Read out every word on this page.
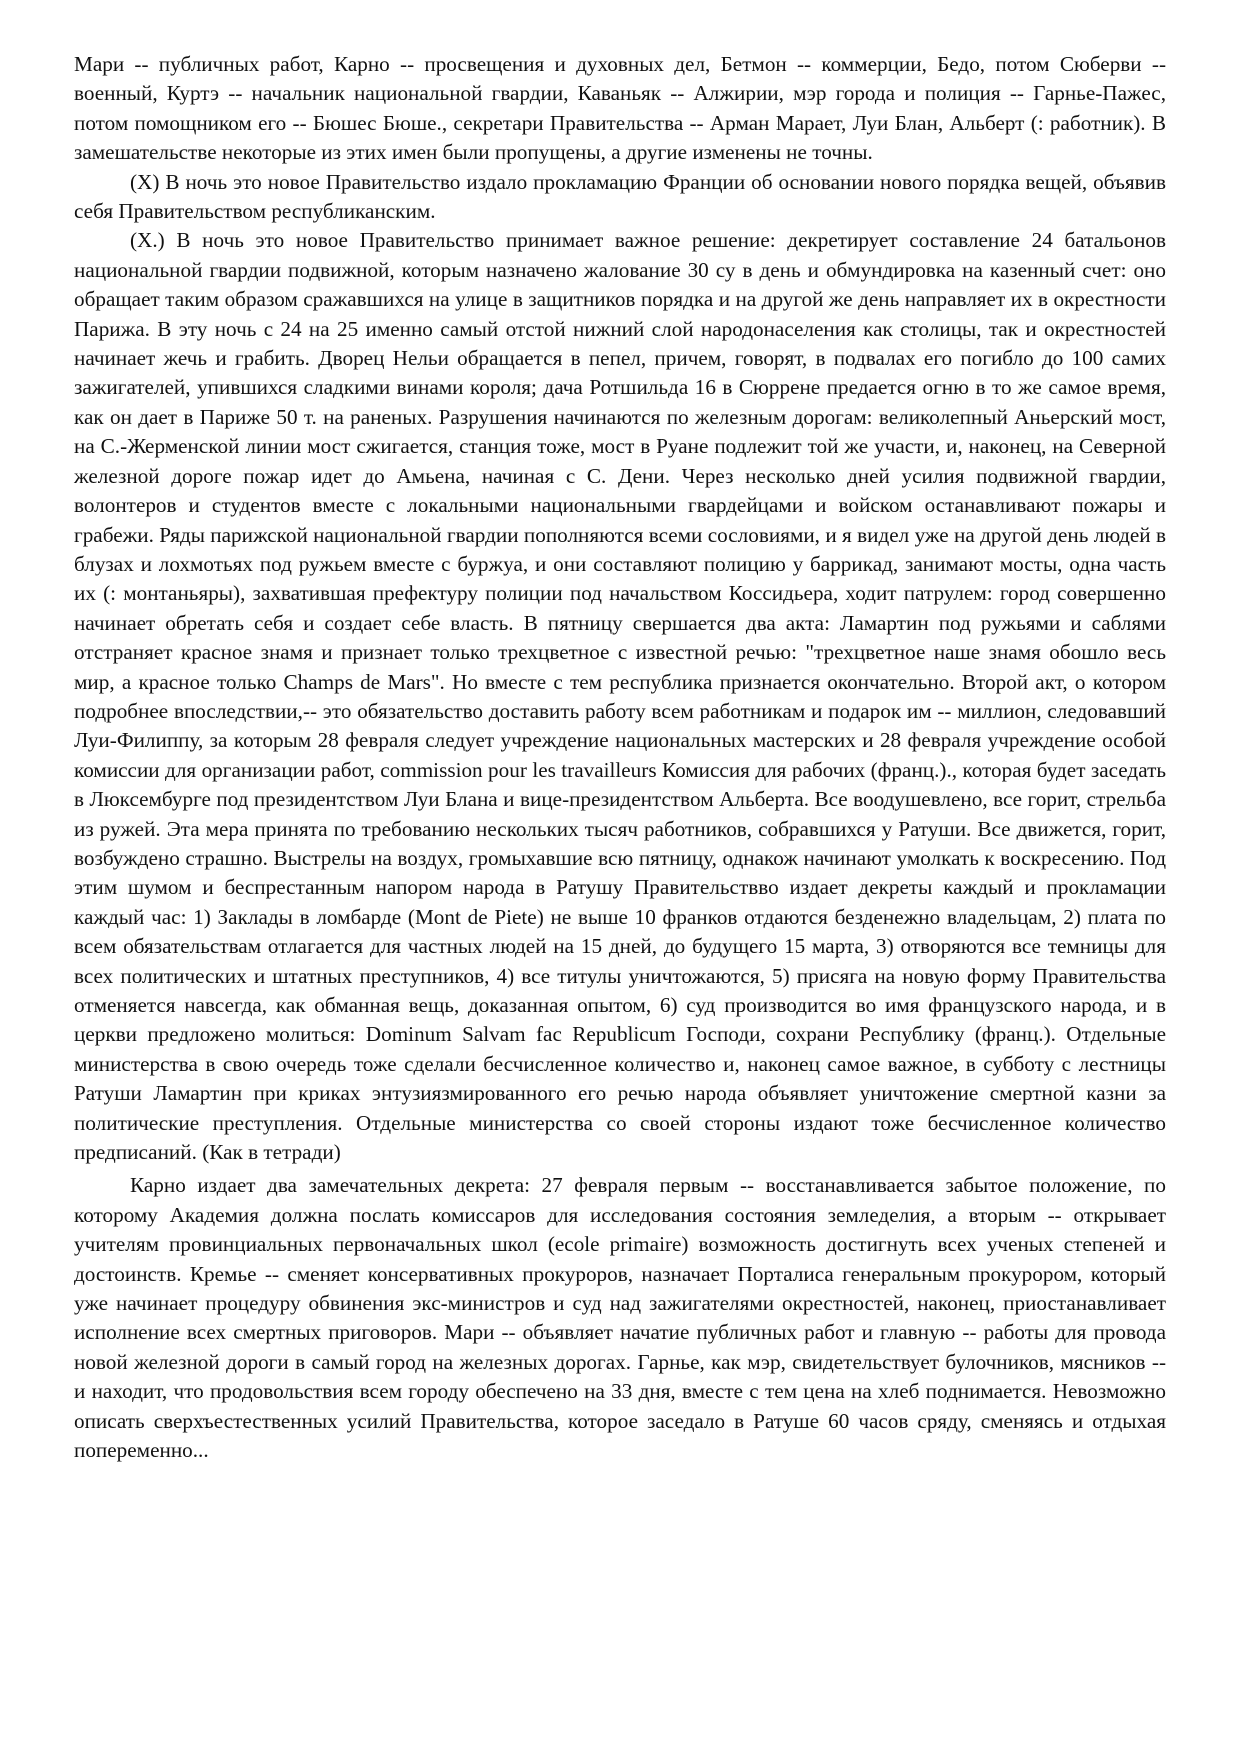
Мари -- публичных работ, Карно -- просвещения и духовных дел, Бетмон -- коммерции, Бедо, потом Сюберви -- военный, Куртэ -- начальник национальной гвардии, Каваньяк -- Алжирии, мэр города и полиция -- Гарнье-Пажес, потом помощником его -- Бюшес Бюше., секретари Правительства -- Арман Марает, Луи Блан, Альберт (: работник). В замешательстве некоторые из этих имен были пропущены, а другие изменены не точны.

(X) В ночь это новое Правительство издало прокламацию Франции об основании нового порядка вещей, объявив себя Правительством республиканским.

(X.) В ночь это новое Правительство принимает важное решение: декретирует составление 24 батальонов национальной гвардии подвижной, которым назначено жалование 30 су в день и обмундировка на казенный счет: оно обращает таким образом сражавшихся на улице в защитников порядка и на другой же день направляет их в окрестности Парижа. В эту ночь с 24 на 25 именно самый отстой нижний слой народонаселения как столицы, так и окрестностей начинает жечь и грабить. Дворец Нельи обращается в пепел, причем, говорят, в подвалах его погибло до 100 самих зажигателей, упившихся сладкими винами короля; дача Ротшильда 16 в Сюррене предается огню в то же самое время, как он дает в Париже 50 т. на раненых. Разрушения начинаются по железным дорогам: великолепный Аньерский мост, на С.-Жерменской линии мост сжигается, станция тоже, мост в Руане подлежит той же участи, и, наконец, на Северной железной дороге пожар идет до Амьена, начиная с С. Дени. Через несколько дней усилия подвижной гвардии, волонтеров и студентов вместе с локальными национальными гвардейцами и войском останавливают пожары и грабежи. Ряды парижской национальной гвардии пополняются всеми сословиями, и я видел уже на другой день людей в блузах и лохмотьях под ружьем вместе с буржуа, и они составляют полицию у баррикад, занимают мосты, одна часть их (: монтаньяры), захватившая префектуру полиции под начальством Коссидьера, ходит патрулем: город совершенно начинает обретать себя и создает себе власть. В пятницу свершается два акта: Ламартин под ружьями и саблями отстраняет красное знамя и признает только трехцветное с известной речью: "трехцветное наше знамя обошло весь мир, а красное только Champs de Mars". Но вместе с тем республика признается окончательно. Второй акт, о котором подробнее впоследствии,-- это обязательство доставить работу всем работникам и подарок им -- миллион, следовавший Луи-Филиппу, за которым 28 февраля следует учреждение национальных мастерских и 28 февраля учреждение особой комиссии для организации работ, commission pour les travailleurs Комиссия для рабочих (франц.)., которая будет заседать в Люксембурге под президентством Луи Блана и вице-президентством Альберта. Все воодушевлено, все горит, стрельба из ружей. Эта мера принята по требованию нескольких тысяч работников, собравшихся у Ратуши. Все движется, горит, возбуждено страшно. Выстрелы на воздух, громыхавшие всю пятницу, однакож начинают умолкать к воскресению. Под этим шумом и беспрестанным напором народа в Ратушу Правительствво издает декреты каждый и прокламации каждый час: 1) Заклады в ломбарде (Mont de Piete) не выше 10 франков отдаются безденежно владельцам, 2) плата по всем обязательствам отлагается для частных людей на 15 дней, до будущего 15 марта, 3) отворяются все темницы для всех политических и штатных преступников, 4) все титулы уничтожаются, 5) присяга на новую форму Правительства отменяется навсегда, как обманная вещь, доказанная опытом, 6) суд производится во имя французского народа, и в церкви предложено молиться: Dominum Salvam fac Republicum Господи, сохрани Республику (франц.). Отдельные министерства в свою очередь тоже сделали бесчисленное количество и, наконец самое важное, в субботу с лестницы Ратуши Ламартин при криках энтузиязмированного его речью народа объявляет уничтожение смертной казни за политические преступления. Отдельные министерства со своей стороны издают тоже бесчисленное количество предписаний. (Как в тетради)

Карно издает два замечательных декрета: 27 февраля первым -- восстанавливается забытое положение, по которому Академия должна послать комиссаров для исследования состояния земледелия, а вторым -- открывает учителям провинциальных первоначальных школ (ecole primaire) возможность достигнуть всех ученых степеней и достоинств. Кремье -- сменяет консервативных прокуроров, назначает Порталиса генеральным прокурором, который уже начинает процедуру обвинения экс-министров и суд над зажигателями окрестностей, наконец, приостанавливает исполнение всех смертных приговоров. Мари -- объявляет начатие публичных работ и главную -- работы для провода новой железной дороги в самый город на железных дорогах. Гарнье, как мэр, свидетельствует булочников, мясников -- и находит, что продовольствия всем городу обеспечено на 33 дня, вместе с тем цена на хлеб поднимается. Невозможно описать сверхъестественных усилий Правительства, которое заседало в Ратуше 60 часов сряду, сменяясь и отдыхая попеременно...
